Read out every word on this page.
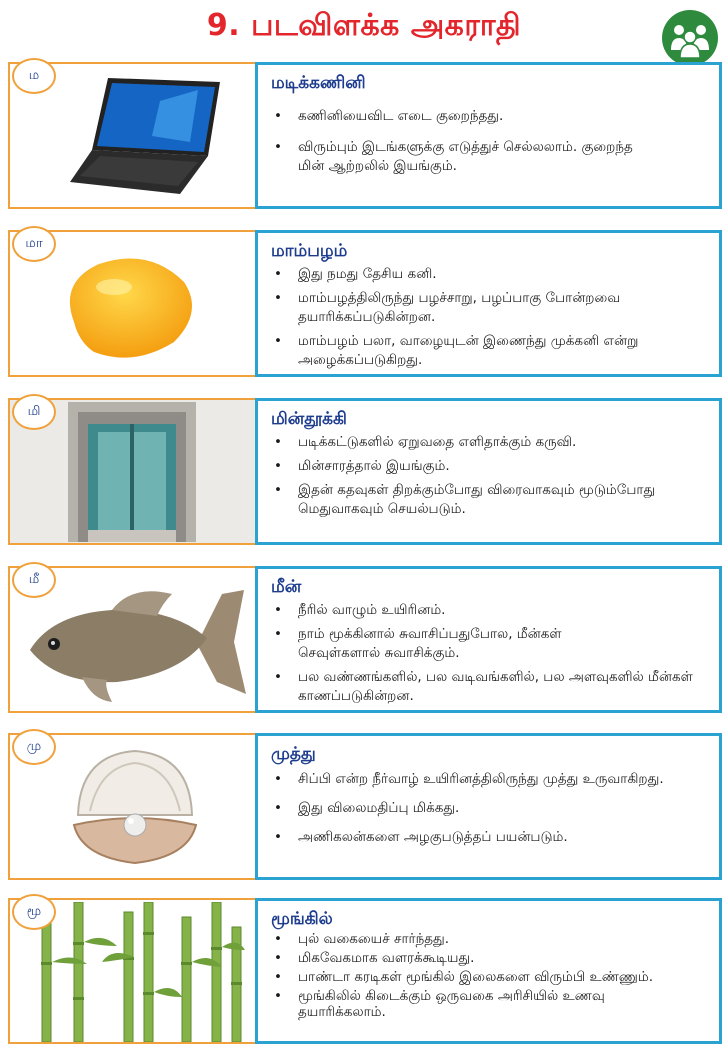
9. படவிளக்க அகராதி
மடிக்கணினி
• கணினியைவிட எடை குறைந்தது.
• விரும்பும் இடங்களுக்கு எடுத்துச் செல்லலாம். குறைந்த மின் ஆற்றலில் இயங்கும்.
ம
மாம்பழம்
• இது நமது தேசிய கனி.
• மாம்பழத்திலிருந்து பழச்சாறு, பழப்பாகு போன்றவை தயாரிக்கப்படுகின்றன.
• மாம்பழம் பலா, வாழையுடன் இணைந்து முக்கனி என்று அழைக்கப்படுகிறது.
மா
மின்தூக்கி
• படிக்கட்டுகளில் ஏறுவதை எளிதாக்கும் கருவி.
• மின்சாரத்தால் இயங்கும்.
• இதன் கதவுகள் திறக்கும்போது விரைவாகவும் மூடும்போது மெதுவாகவும் செயல்படும்.
மி
மீன்
• நீரில் வாழும் உயிரினம்.
• நாம் மூக்கினால் சுவாசிப்பதுபோல, மீன்கள் செவுள்களால் சுவாசிக்கும்.
• பல வண்ணங்களில், பல வடிவங்களில், பல அளவுகளில் மீன்கள் காணப்படுகின்றன.
மீ
முத்து
• சிப்பி என்ற நீர்வாழ் உயிரினத்திலிருந்து முத்து உருவாகிறது.
• இது விலைமதிப்பு மிக்கது.
• அணிகலன்களை அழகுபடுத்தப் பயன்படும்.
மு
மூங்கில்
• புல் வகையைச் சார்ந்தது.
• மிகவேகமாக வளரக்கூடியது.
• பாண்டா கரடிகள் மூங்கில் இலைகளை விரும்பி உண்ணும்.
• மூங்கிலில் கிடைக்கும் ஒருவகை அரிசியில் உணவு தயாரிக்கலாம்.
மூ
